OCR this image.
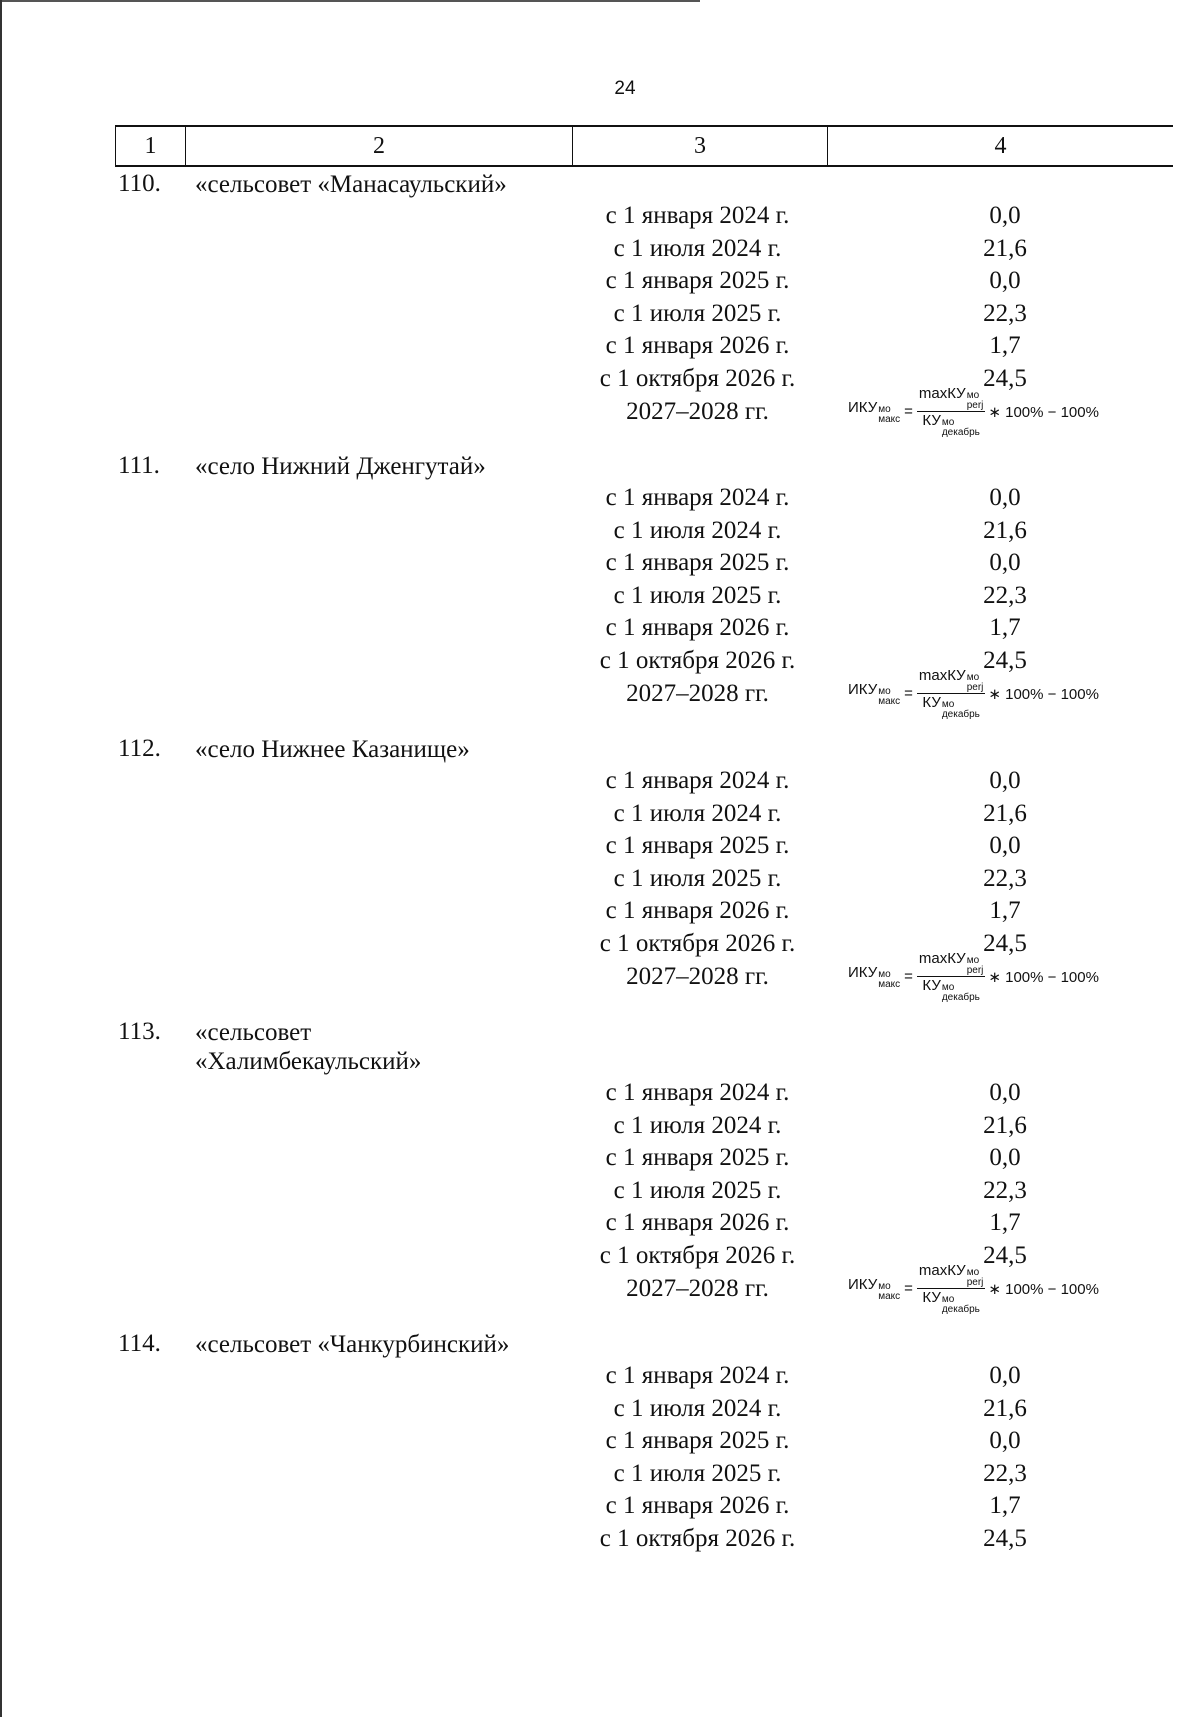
24
1	2	3	4
110. «сельсовет «Манасаульский»
с 1 января 2024 г.	0,0
с 1 июля 2024 г.	21,6
с 1 января 2025 г.	0,0
с 1 июля 2025 г.	22,3
с 1 января 2026 г.	1,7
с 1 октября 2026 г.	24,5
2027–2028 гг.	ИКУ мо
макс = maxКУ мо
perj
КУ мо
декабрь ∗ 100% − 100%
111. «село Нижний Дженгутай»
с 1 января 2024 г.	0,0
с 1 июля 2024 г.	21,6
с 1 января 2025 г.	0,0
с 1 июля 2025 г.	22,3
с 1 января 2026 г.	1,7
с 1 октября 2026 г.	24,5
2027–2028 гг.	ИКУ мо
макс = maxКУ мо
perj
КУ мо
декабрь ∗ 100% − 100%
112. «село Нижнее Казанище»
с 1 января 2024 г.	0,0
с 1 июля 2024 г.	21,6
с 1 января 2025 г.	0,0
с 1 июля 2025 г.	22,3
с 1 января 2026 г.	1,7
с 1 октября 2026 г.	24,5
2027–2028 гг.	ИКУ мо
макс = maxКУ мо
perj
КУ мо
декабрь ∗ 100% − 100%
113. «сельсовет
«Халимбекаульский»
с 1 января 2024 г.	0,0
с 1 июля 2024 г.	21,6
с 1 января 2025 г.	0,0
с 1 июля 2025 г.	22,3
с 1 января 2026 г.	1,7
с 1 октября 2026 г.	24,5
2027–2028 гг.	ИКУ мо
макс = maxКУ мо
perj
КУ мо
декабрь ∗ 100% − 100%
114. «сельсовет «Чанкурбинский»
с 1 января 2024 г.	0,0
с 1 июля 2024 г.	21,6
с 1 января 2025 г.	0,0
с 1 июля 2025 г.	22,3
с 1 января 2026 г.	1,7
с 1 октября 2026 г.	24,5
